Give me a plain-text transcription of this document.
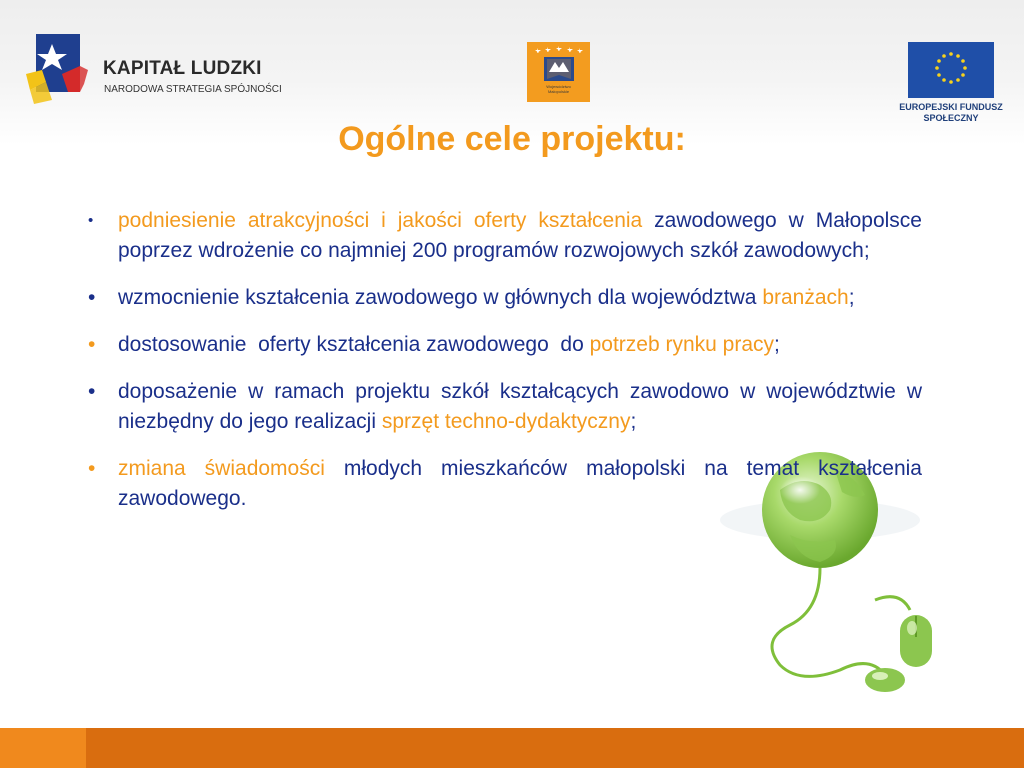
KAPITAŁ LUDZKI
NARODOWA STRATEGIA SPÓJNOŚCI	Województwo
Małopolskie
EUROPEJSKI FUNDUSZ
SPOŁECZNY
Ogólne cele projektu:
•	podniesienie atrakcyjności i jakości oferty kształcenia zawodowego w Małopolsce poprzez wdrożenie co najmniej 200 programów rozwojowych szkół zawodowych;
•	wzmocnienie kształcenia zawodowego w głównych dla województwa branżach;
•	dostosowanie  oferty kształcenia zawodowego  do potrzeb rynku pracy;
•	doposażenie w ramach projektu szkół kształcących zawodowo w województwie w niezbędny do jego realizacji sprzęt techno-dydaktyczny;
•	zmiana świadomości młodych mieszkańców małopolski na temat kształcenia zawodowego.
